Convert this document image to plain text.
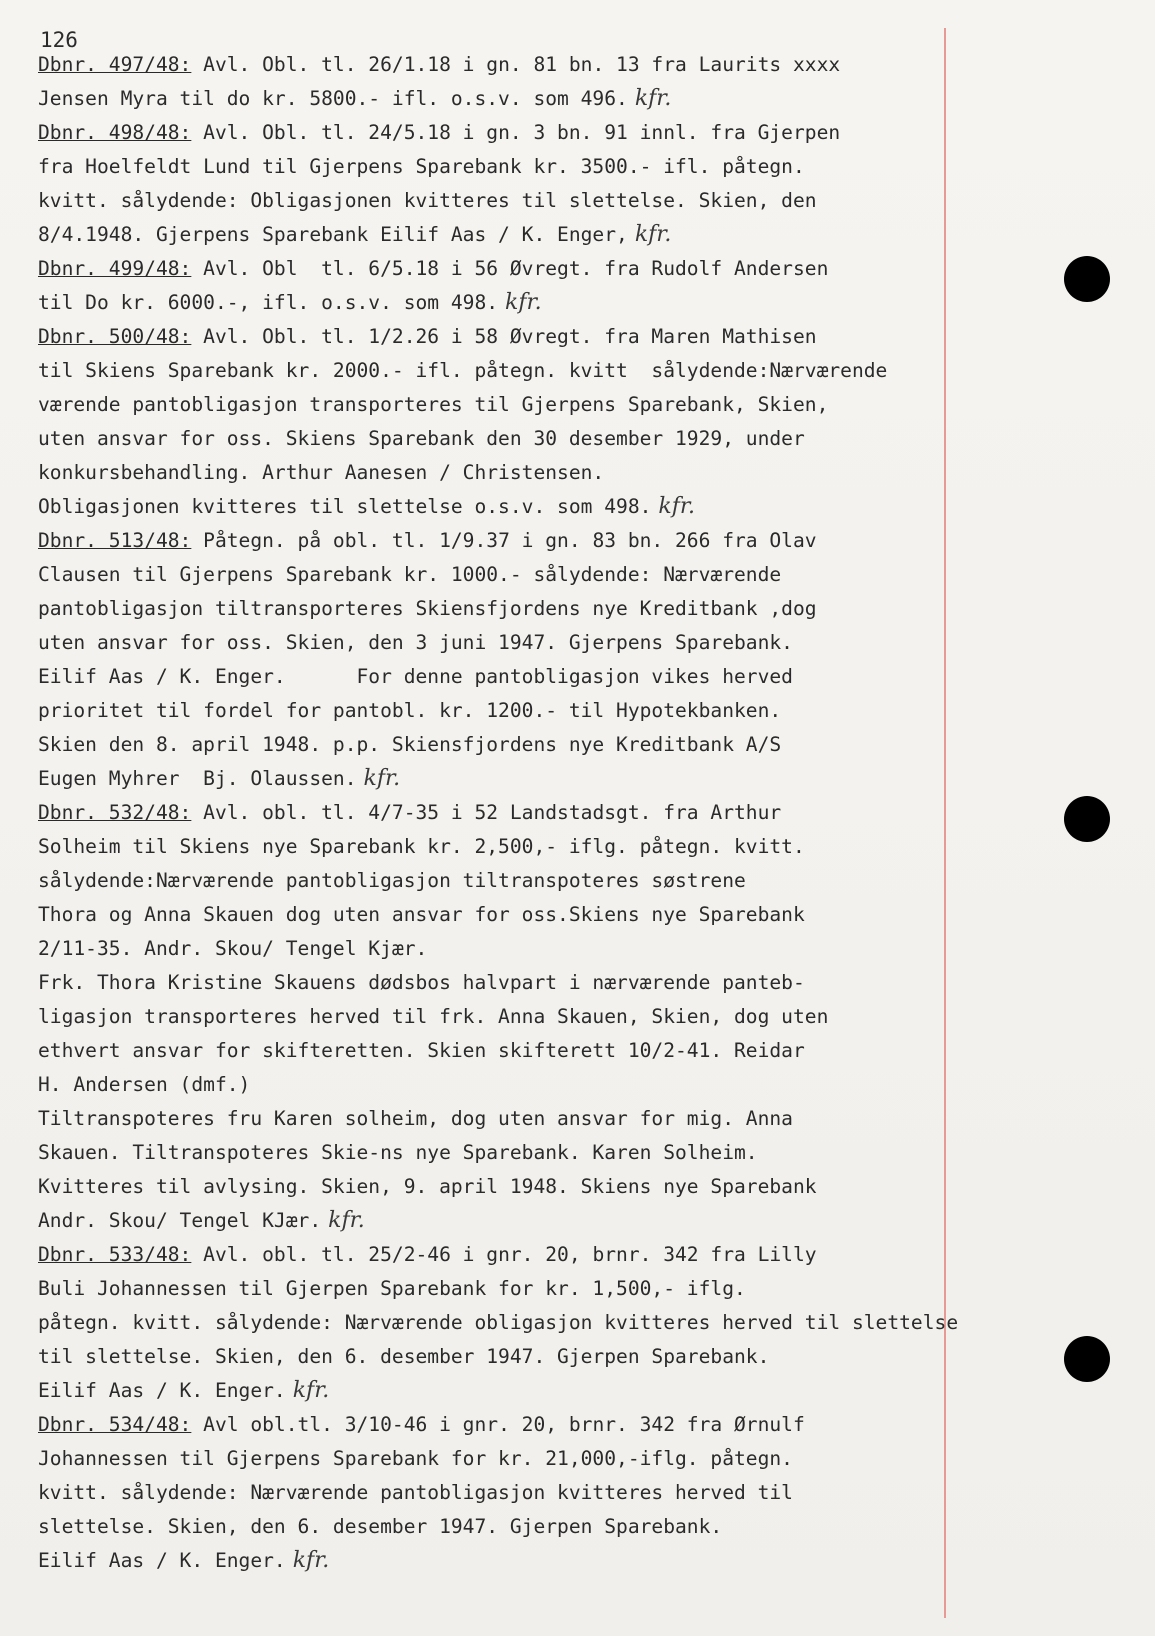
126
Dbnr. 497/48: Avl. Obl. tl. 26/1.18 i gn. 81 bn. 13 fra Laurits xxxx
Jensen Myra til do kr. 5800.- ifl. o.s.v. som 496. kfr.
Dbnr. 498/48: Avl. Obl. tl. 24/5.18 i gn. 3 bn. 91 innl. fra Gjerpen
fra Hoelfeldt Lund til Gjerpens Sparebank kr. 3500.- ifl. påtegn.
kvitt. sålydende: Obligasjonen kvitteres til slettelse. Skien, den
8/4.1948. Gjerpens Sparebank Eilif Aas / K. Enger, kfr.
Dbnr. 499/48: Avl. Obl  tl. 6/5.18 i 56 Øvregt. fra Rudolf Andersen
til Do kr. 6000.-, ifl. o.s.v. som 498. kfr.
Dbnr. 500/48: Avl. Obl. tl. 1/2.26 i 58 Øvregt. fra Maren Mathisen
til Skiens Sparebank kr. 2000.- ifl. påtegn. kvitt  sålydende:Nærværende
værende pantobligasjon transporteres til Gjerpens Sparebank, Skien,
uten ansvar for oss. Skiens Sparebank den 30 desember 1929, under
konkursbehandling. Arthur Aanesen / Christensen.
Obligasjonen kvitteres til slettelse o.s.v. som 498. kfr.
Dbnr. 513/48: Påtegn. på obl. tl. 1/9.37 i gn. 83 bn. 266 fra Olav
Clausen til Gjerpens Sparebank kr. 1000.- sålydende: Nærværende
pantobligasjon tiltransporteres Skiensfjordens nye Kreditbank ,dog
uten ansvar for oss. Skien, den 3 juni 1947. Gjerpens Sparebank.
Eilif Aas / K. Enger.      For denne pantobligasjon vikes herved
prioritet til fordel for pantobl. kr. 1200.- til Hypotekbanken.
Skien den 8. april 1948. p.p. Skiensfjordens nye Kreditbank A/S
Eugen Myhrer  Bj. Olaussen. kfr.
Dbnr. 532/48: Avl. obl. tl. 4/7-35 i 52 Landstadsgt. fra Arthur
Solheim til Skiens nye Sparebank kr. 2,500,- iflg. påtegn. kvitt.
sålydende:Nærværende pantobligasjon tiltranspoteres søstrene
Thora og Anna Skauen dog uten ansvar for oss.Skiens nye Sparebank
2/11-35. Andr. Skou/ Tengel Kjær.
Frk. Thora Kristine Skauens dødsbos halvpart i nærværende panteb-
ligasjon transporteres herved til frk. Anna Skauen, Skien, dog uten
ethvert ansvar for skifteretten. Skien skifterett 10/2-41. Reidar
H. Andersen (dmf.)
Tiltranspoteres fru Karen solheim, dog uten ansvar for mig. Anna
Skauen. Tiltranspoteres Skie-ns nye Sparebank. Karen Solheim.
Kvitteres til avlysing. Skien, 9. april 1948. Skiens nye Sparebank
Andr. Skou/ Tengel KJær. kfr.
Dbnr. 533/48: Avl. obl. tl. 25/2-46 i gnr. 20, brnr. 342 fra Lilly
Buli Johannessen til Gjerpen Sparebank for kr. 1,500,- iflg.
påtegn. kvitt. sålydende: Nærværende obligasjon kvitteres herved til slettelse
til slettelse. Skien, den 6. desember 1947. Gjerpen Sparebank.
Eilif Aas / K. Enger. kfr.
Dbnr. 534/48: Avl obl.tl. 3/10-46 i gnr. 20, brnr. 342 fra Ørnulf
Johannessen til Gjerpens Sparebank for kr. 21,000,-iflg. påtegn.
kvitt. sålydende: Nærværende pantobligasjon kvitteres herved til
slettelse. Skien, den 6. desember 1947. Gjerpen Sparebank.
Eilif Aas / K. Enger. kfr.
